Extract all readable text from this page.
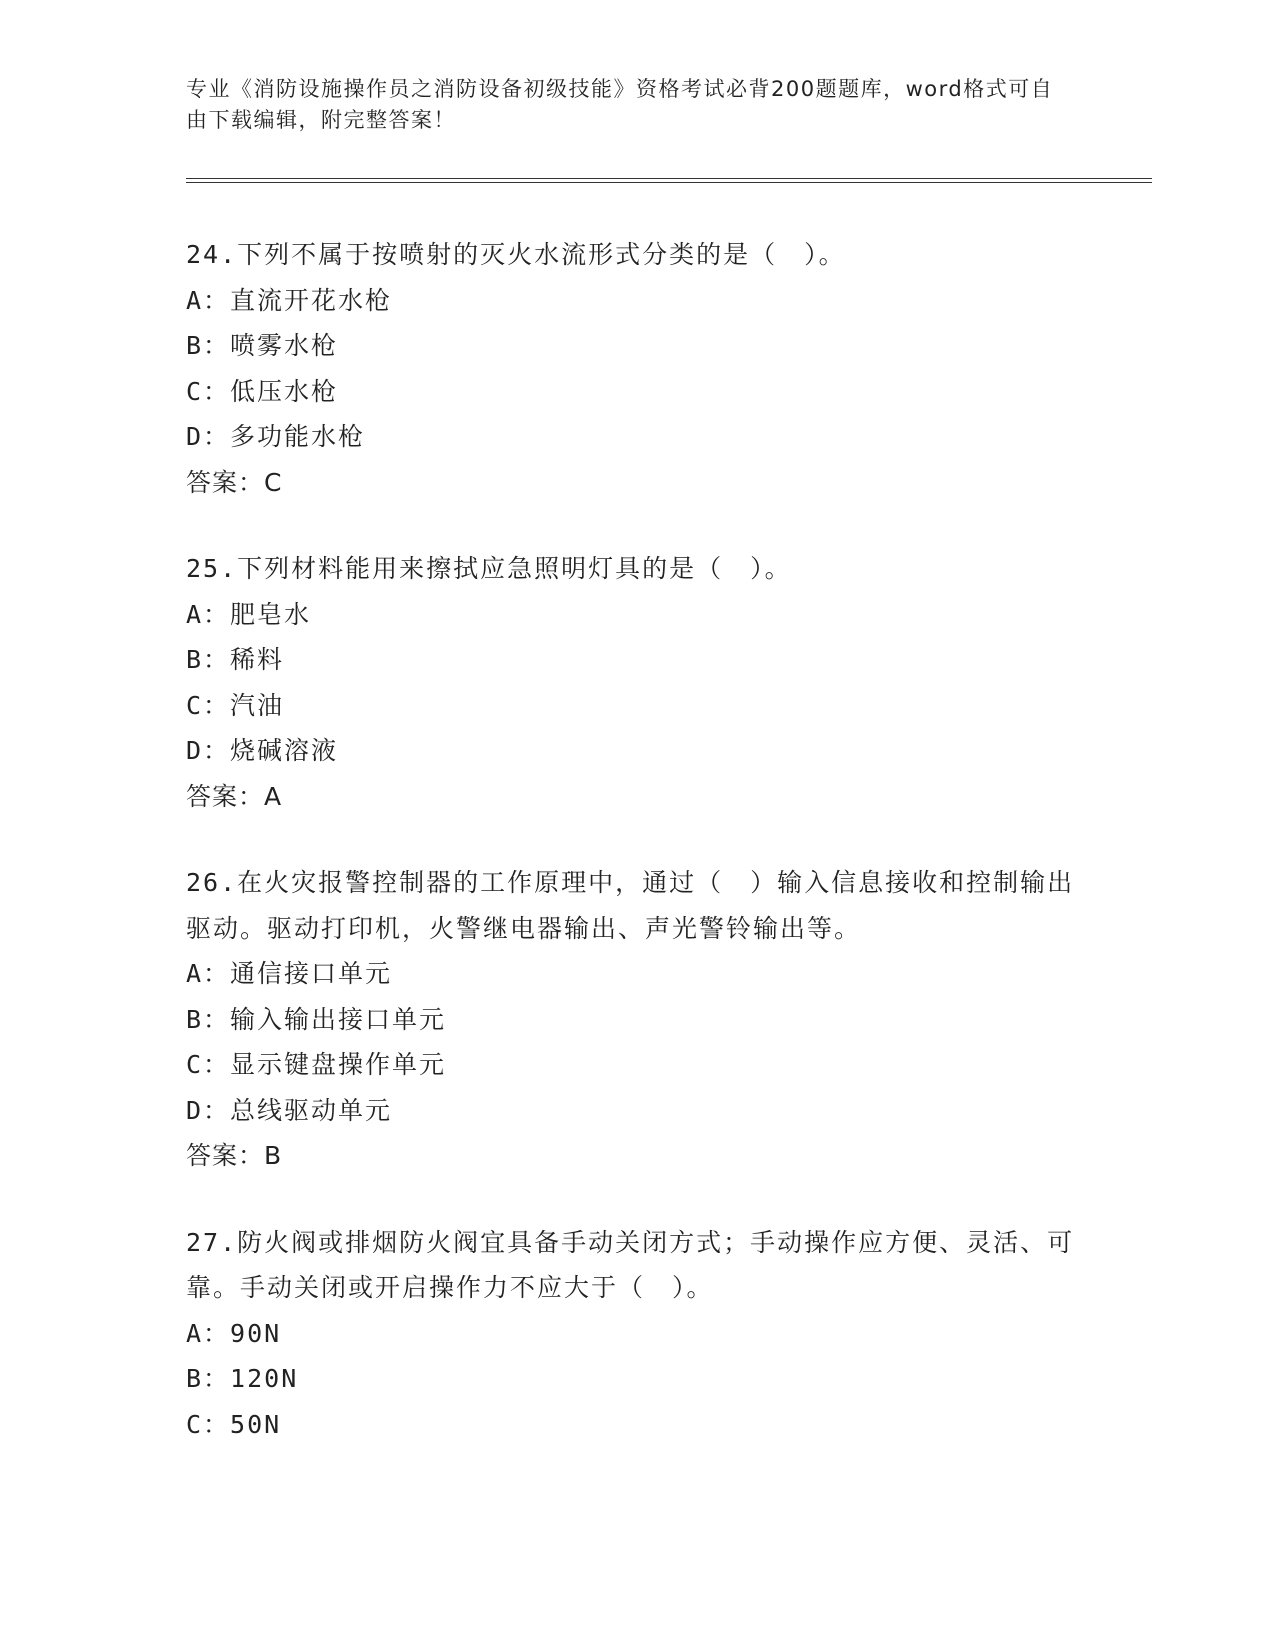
专业《消防设施操作员之消防设备初级技能》资格考试必背200题题库，word格式可自由下载编辑，附完整答案！
24.下列不属于按喷射的灭火水流形式分类的是（　）。
A：直流开花水枪
B：喷雾水枪
C：低压水枪
D：多功能水枪
答案：C
25.下列材料能用来擦拭应急照明灯具的是（　）。
A：肥皂水
B：稀料
C：汽油
D：烧碱溶液
答案：A
26.在火灾报警控制器的工作原理中，通过（　）输入信息接收和控制输出驱动。驱动打印机，火警继电器输出、声光警铃输出等。
A：通信接口单元
B：输入输出接口单元
C：显示键盘操作单元
D：总线驱动单元
答案：B
27.防火阀或排烟防火阀宜具备手动关闭方式；手动操作应方便、灵活、可靠。手动关闭或开启操作力不应大于（　）。
A：90N
B：120N
C：50N
